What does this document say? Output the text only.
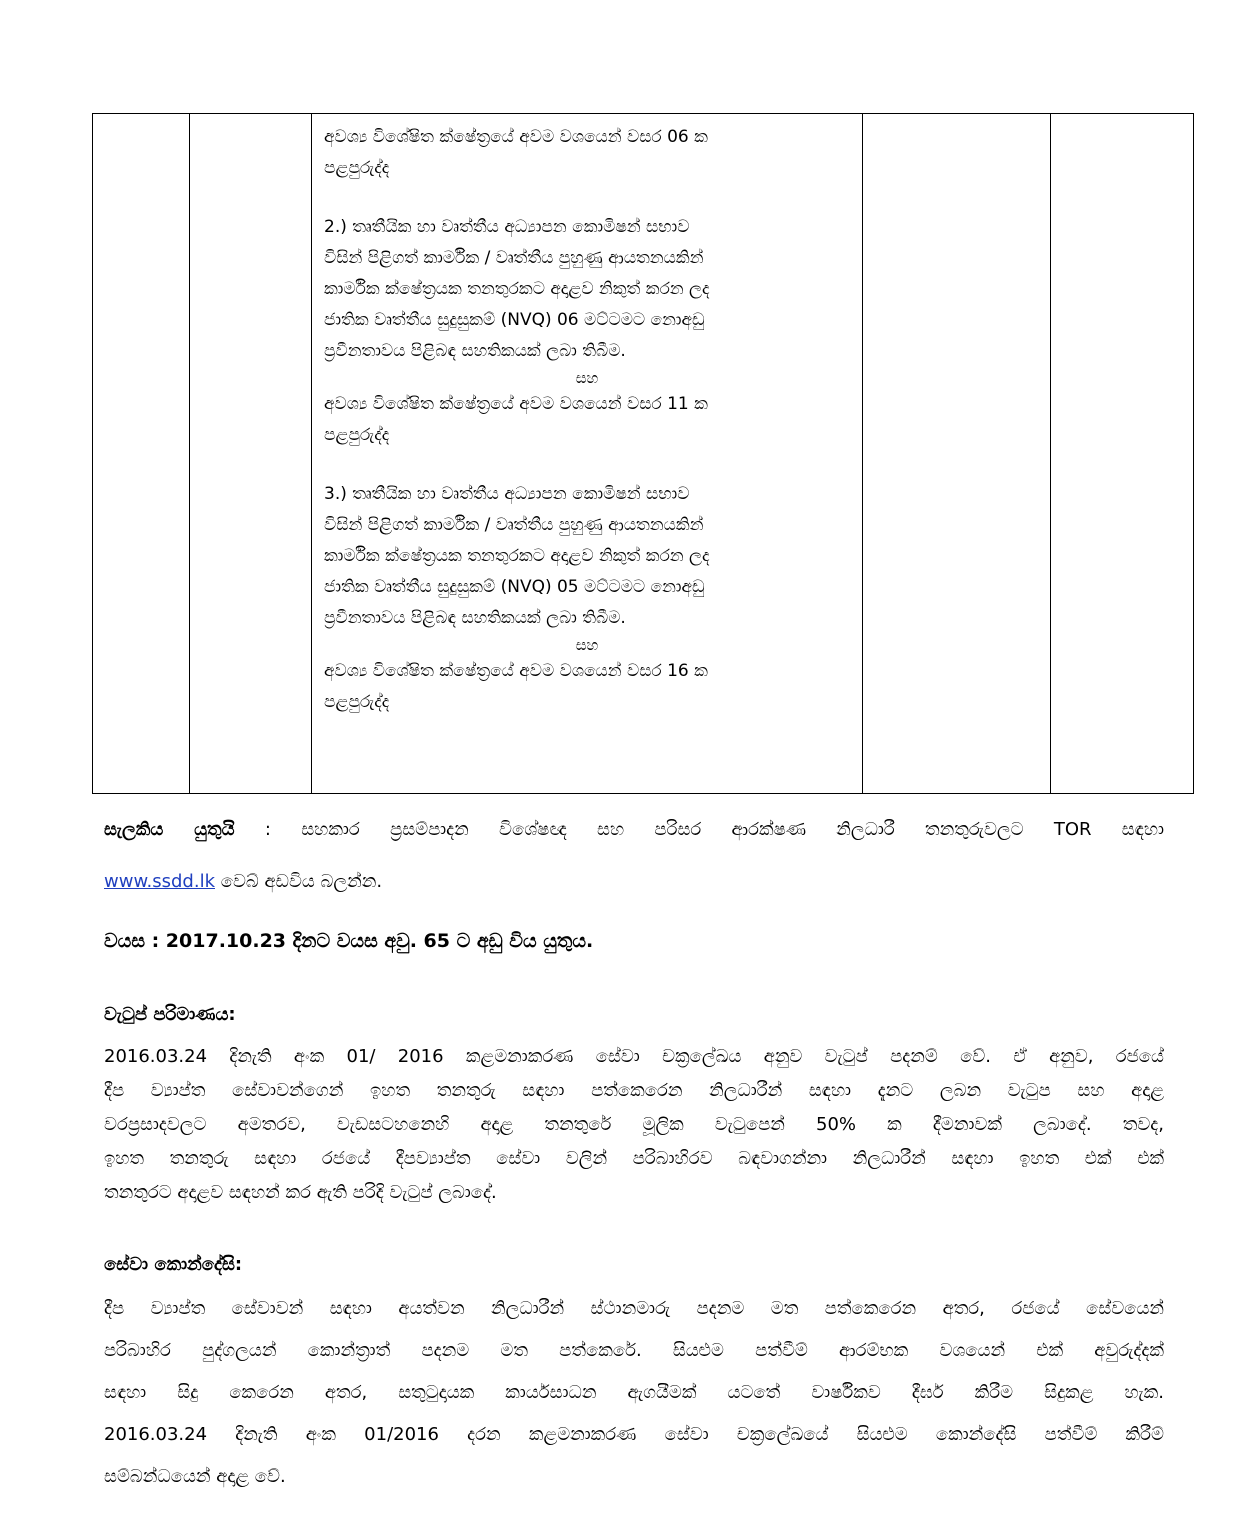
අවශ්‍ය විශේෂිත ක්ෂේත්‍රයේ අවම වශයෙන් වසර 06 ක
පළපුරුද්ද
2.) තෘතීයික හා වෘත්තීය අධ්‍යාපන කොමිෂන් සභාව
විසින් පිළිගත් කාර්මික / වෘත්තීය පුහුණු ආයතනයකින්
කාර්මික ක්ෂේත්‍රයක තනතුරකට අදාළව නිකුත් කරන ලද
ජාතික වෘත්තීය සුදුසුකම් (NVQ) 06 මට්ටමට නොඅඩු
ප්‍රවීනතාවය පිළිබඳ සහතිකයක් ලබා තිබීම.
සහ
අවශ්‍ය විශේෂිත ක්ෂේත්‍රයේ අවම වශයෙන් වසර 11 ක
පළපුරුද්ද
3.) තෘතීයික හා වෘත්තීය අධ්‍යාපන කොමිෂන් සභාව
විසින් පිළිගත් කාර්මික / වෘත්තීය පුහුණු ආයතනයකින්
කාර්මික ක්ෂේත්‍රයක තනතුරකට අදාළව නිකුත් කරන ලද
ජාතික වෘත්තීය සුදුසුකම් (NVQ) 05 මට්ටමට නොඅඩු
ප්‍රවීනතාවය පිළිබඳ සහතිකයක් ලබා තිබීම.
සහ
අවශ්‍ය විශේෂිත ක්ෂේත්‍රයේ අවම වශයෙන් වසර 16 ක
පළපුරුද්ද

සැලකිය යුතුයි : සහකාර ප්‍රසම්පාදන විශේෂඥ සහ පරිසර ආරක්ෂණ නිලධාරී තනතුරුවලට TOR සඳහා
www.ssdd.lk වෙබ් අඩවිය බලන්න.
වයස : 2017.10.23 දිනට වයස අවු. 65 ට අඩු විය යුතුය.
වැටුප් පරිමාණය:
2016.03.24 දිනැති අංක 01/ 2016 කළමනාකරණ සේවා චක්‍රලේඛය අනුව වැටුප් පදනම් වේ. ඒ අනුව, රජයේ
දීප ව්‍යාප්ත සේවාවන්ගෙන් ඉහත තනතුරු සඳහා පත්කෙරෙන නිලධාරීන් සඳහා දැනට ලබන වැටුප සහ අදාළ
වරප්‍රසාදවලට අමතරව, වැඩසටහනෙහි අදාළ තනතුරේ මූලික වැටුපෙන් 50% ක දීමනාවක් ලබාදේ. තවද,
ඉහත තනතුරු සඳහා රජයේ දීපව්‍යාප්ත සේවා වලින් පරිබාහිරව බඳවාගන්නා නිලධාරීන් සඳහා ඉහත එක් එක්
තනතුරට අදාළව සඳහන් කර ඇති පරිදි වැටුප් ලබාදේ.
සේවා කොන්දේසි:
දීප ව්‍යාප්ත සේවාවන් සඳහා අයත්වන නිලධාරීන් ස්ථානමාරු පදනම මත පත්කෙරෙන අතර, රජයේ සේවයෙන්
පරිබාහිර පුද්ගලයන් කොන්ත්‍රාත් පදනම මත පත්කෙරේ. සියළුම පත්වීම් ආරම්භක වශයෙන් එක් අවුරුද්දක්
සඳහා සිදු කෙරෙන අතර, සතුටුදායක කාර්යසාධන ඇගයීමක් යටතේ වාර්ෂිකව දීර්ඝ කිරීම සිදුකළ හැක.
2016.03.24 දිනැති අංක 01/2016 දරන කළමනාකරණ සේවා චක්‍රලේඛයේ සියළුම කොන්දේසි පත්වීම් කිරීම්
සම්බන්ධයෙන් අදාළ වේ.
